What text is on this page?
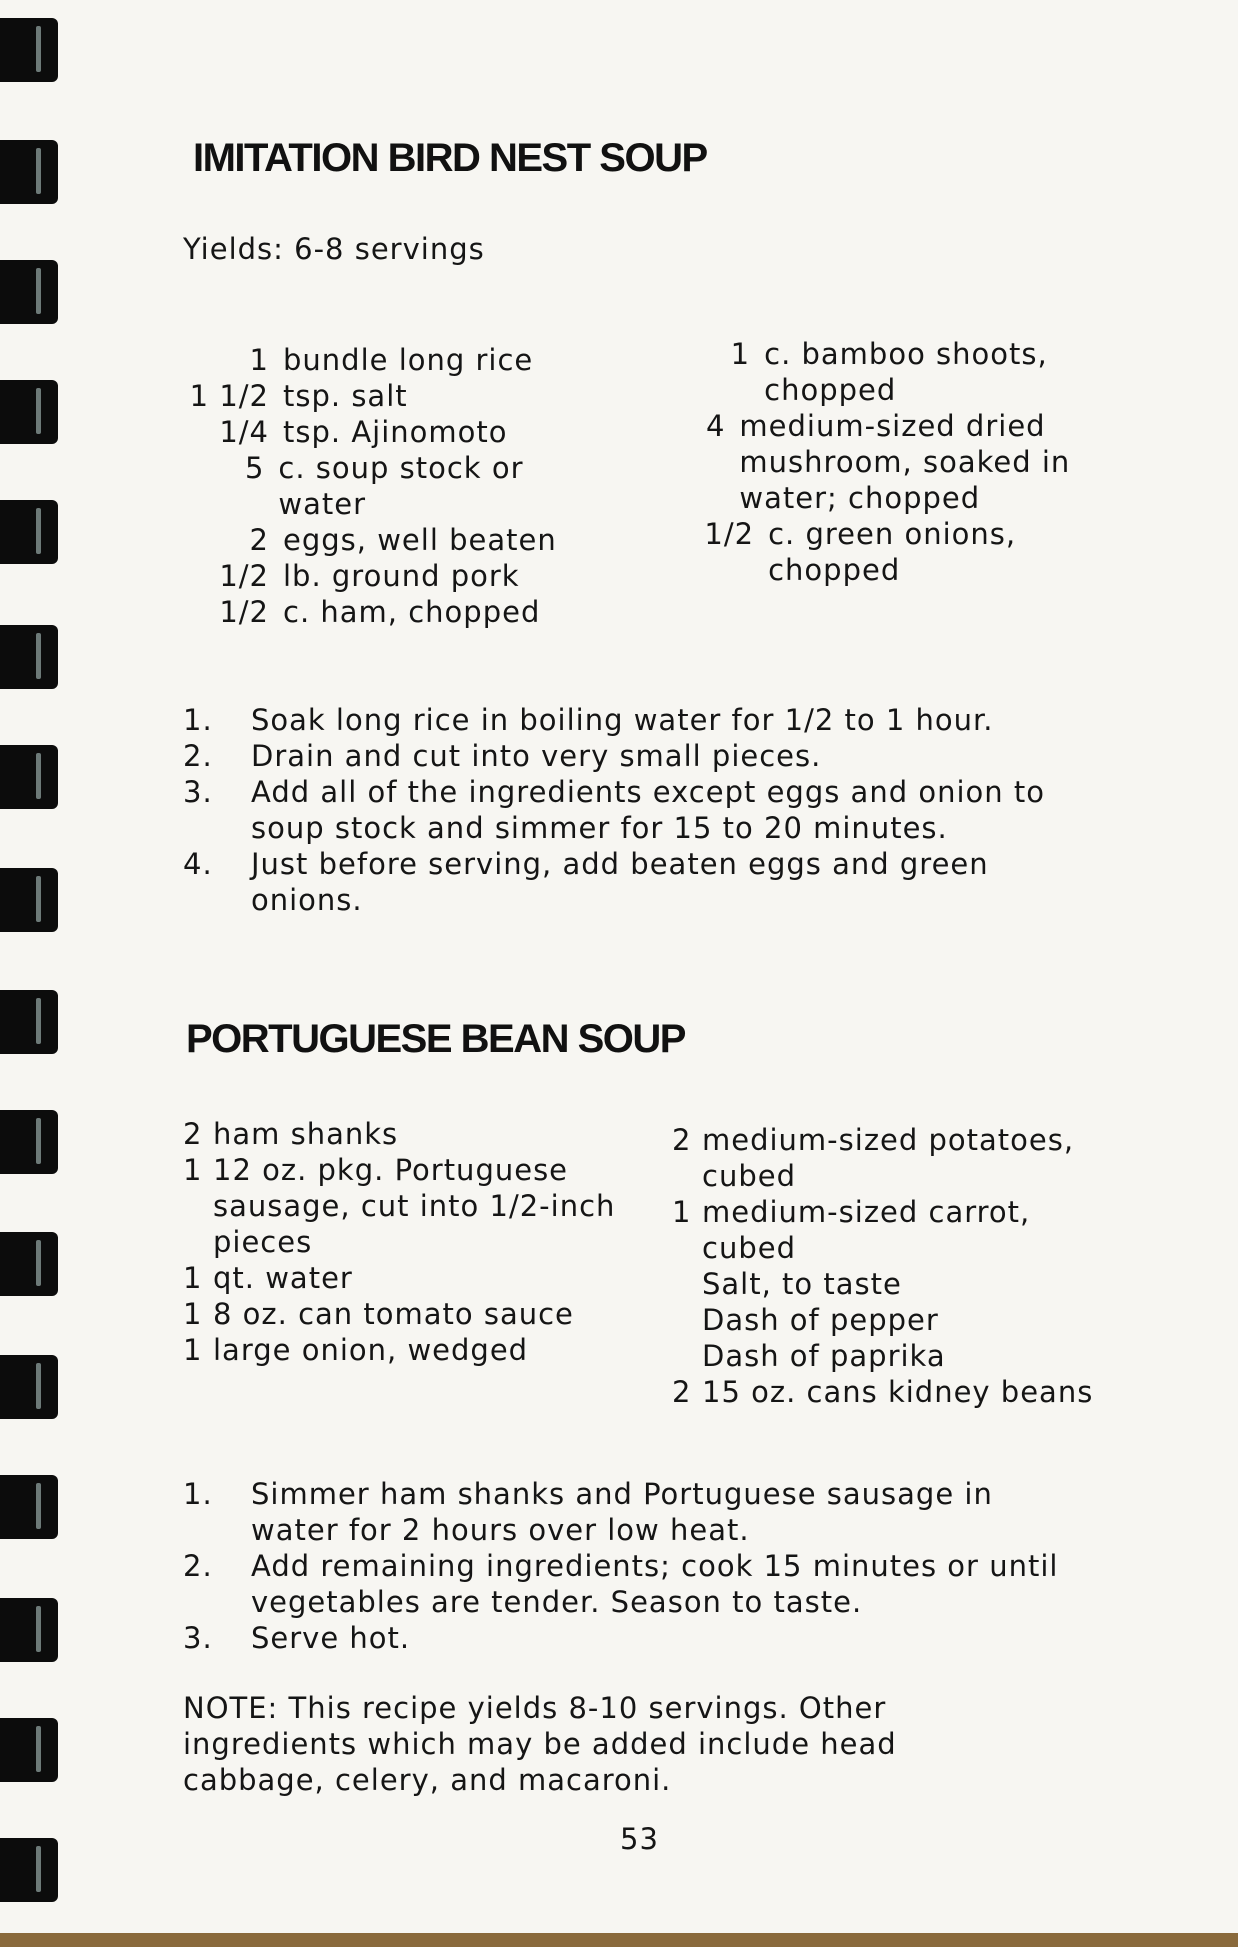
IMITATION BIRD NEST SOUP
Yields: 6-8 servings
1 bundle long rice
1 1/2 tsp. salt
1/4 tsp. Ajinomoto
5 c. soup stock or water
2 eggs, well beaten
1/2 lb. ground pork
1/2 c. ham, chopped
1 c. bamboo shoots, chopped
4 medium-sized dried mushroom, soaked in water; chopped
1/2 c. green onions, chopped
1.	Soak long rice in boiling water for 1/2 to 1 hour.
2.	Drain and cut into very small pieces.
3.	Add all of the ingredients except eggs and onion to soup stock and simmer for 15 to 20 minutes.
4.	Just before serving, add beaten eggs and green onions.
PORTUGUESE BEAN SOUP
2 ham shanks
1 12 oz. pkg. Portuguese sausage, cut into 1/2-inch pieces
1 qt. water
1 8 oz. can tomato sauce
1 large onion, wedged
2 medium-sized potatoes, cubed
1 medium-sized carrot, cubed
Salt, to taste
Dash of pepper
Dash of paprika
2 15 oz. cans kidney beans
1.	Simmer ham shanks and Portuguese sausage in water for 2 hours over low heat.
2.	Add remaining ingredients; cook 15 minutes or until vegetables are tender. Season to taste.
3.	Serve hot.
NOTE: This recipe yields 8-10 servings. Other ingredients which may be added include head cabbage, celery, and macaroni.
53
